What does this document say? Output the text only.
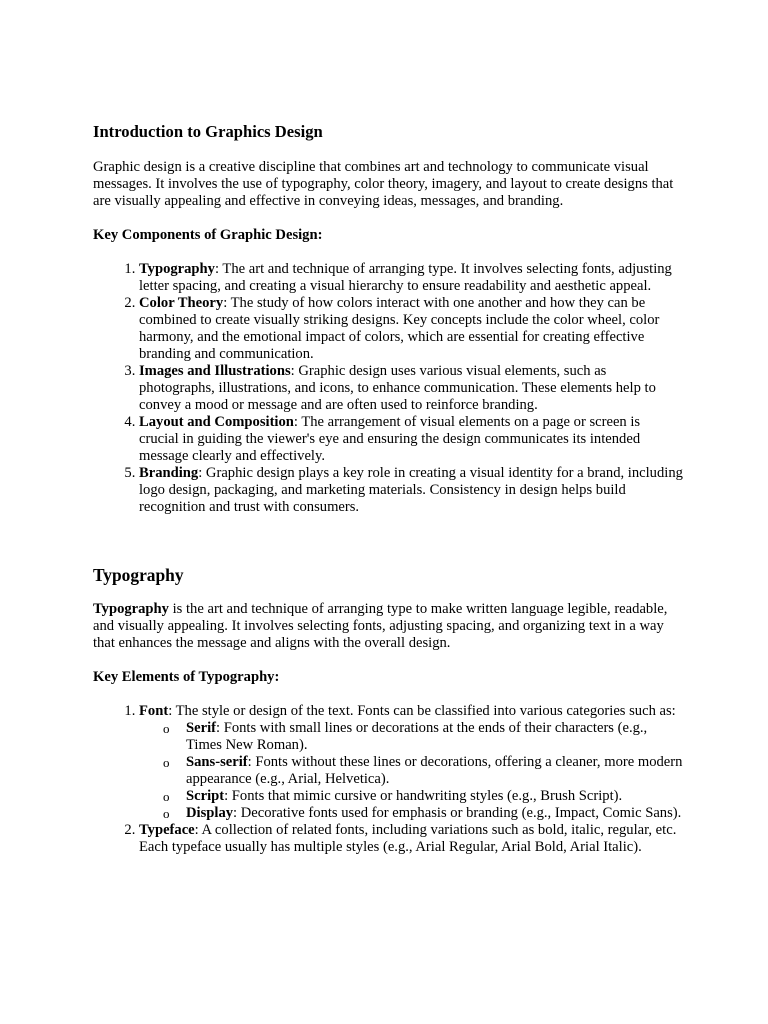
Introduction to Graphics Design

Graphic design is a creative discipline that combines art and technology to communicate visual messages. It involves the use of typography, color theory, imagery, and layout to create designs that are visually appealing and effective in conveying ideas, messages, and branding.

Key Components of Graphic Design:

1. Typography: The art and technique of arranging type. It involves selecting fonts, adjusting letter spacing, and creating a visual hierarchy to ensure readability and aesthetic appeal.
2. Color Theory: The study of how colors interact with one another and how they can be combined to create visually striking designs. Key concepts include the color wheel, color harmony, and the emotional impact of colors, which are essential for creating effective branding and communication.
3. Images and Illustrations: Graphic design uses various visual elements, such as photographs, illustrations, and icons, to enhance communication. These elements help to convey a mood or message and are often used to reinforce branding.
4. Layout and Composition: The arrangement of visual elements on a page or screen is crucial in guiding the viewer's eye and ensuring the design communicates its intended message clearly and effectively.
5. Branding: Graphic design plays a key role in creating a visual identity for a brand, including logo design, packaging, and marketing materials. Consistency in design helps build recognition and trust with consumers.
Typography

Typography is the art and technique of arranging type to make written language legible, readable, and visually appealing. It involves selecting fonts, adjusting spacing, and organizing text in a way that enhances the message and aligns with the overall design.

Key Elements of Typography:

1. Font: The style or design of the text. Fonts can be classified into various categories such as:
o Serif: Fonts with small lines or decorations at the ends of their characters (e.g., Times New Roman).
o Sans-serif: Fonts without these lines or decorations, offering a cleaner, more modern appearance (e.g., Arial, Helvetica).
o Script: Fonts that mimic cursive or handwriting styles (e.g., Brush Script).
o Display: Decorative fonts used for emphasis or branding (e.g., Impact, Comic Sans).
2. Typeface: A collection of related fonts, including variations such as bold, italic, regular, etc. Each typeface usually has multiple styles (e.g., Arial Regular, Arial Bold, Arial Italic).
